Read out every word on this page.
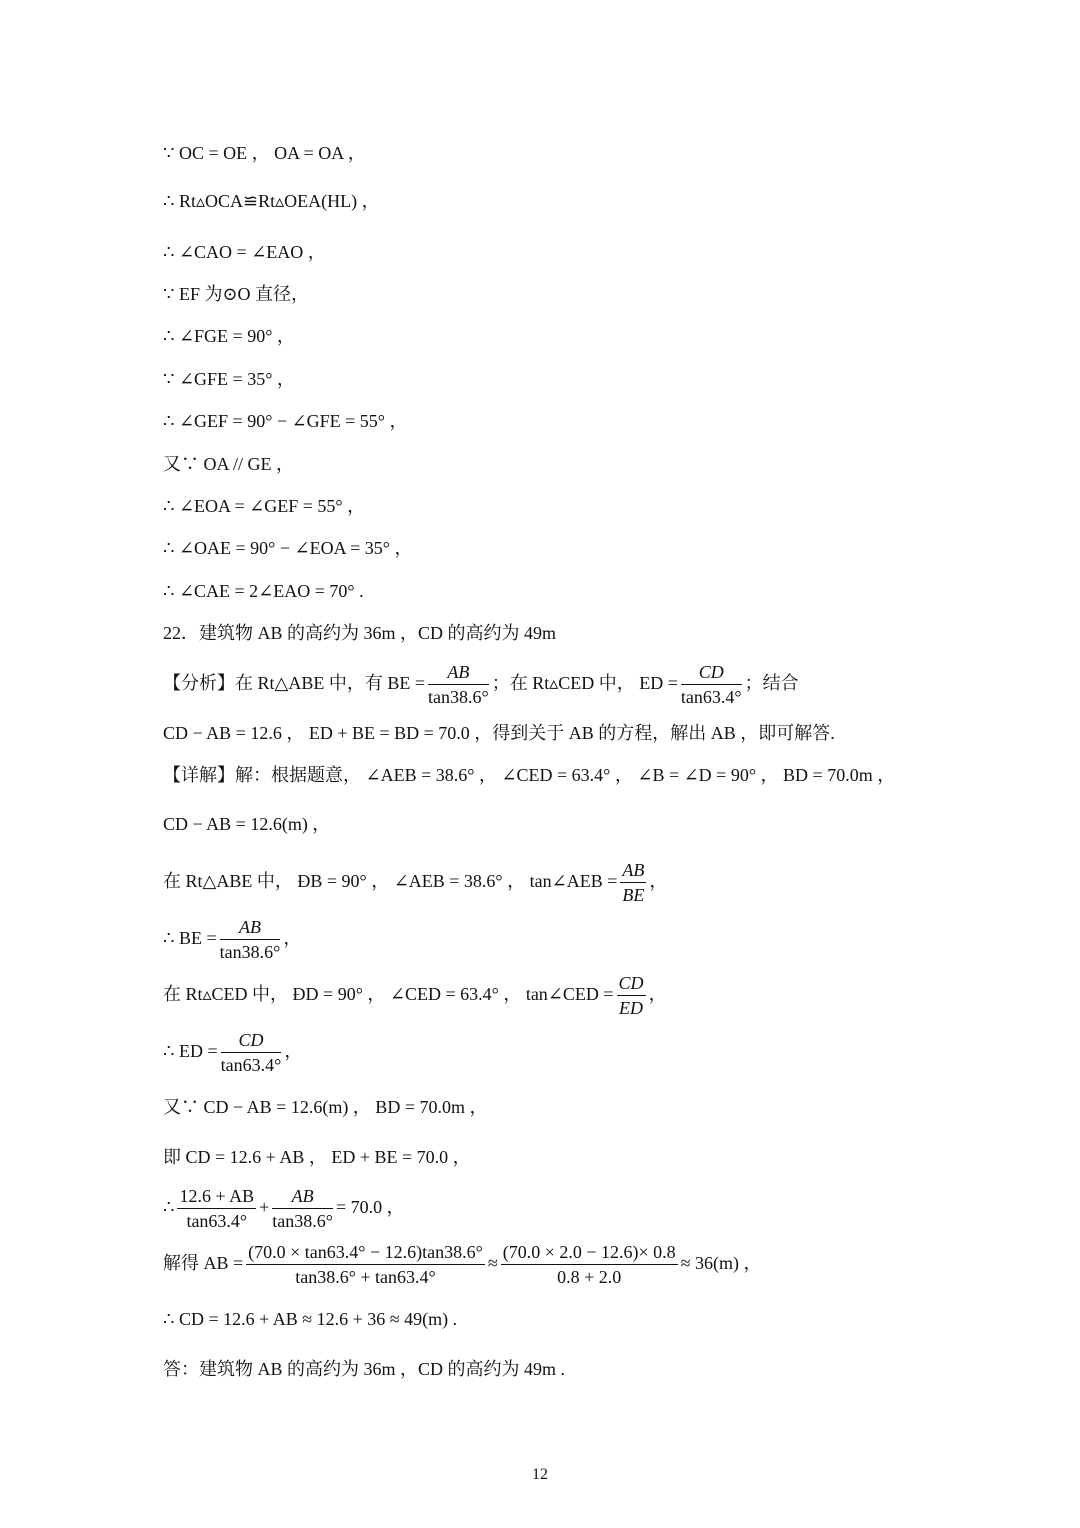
∵ OC = OE ， OA = OA ，
∴ Rt▵OCA≌Rt▵OEA(HL) ，
∴ ∠CAO = ∠EAO ，
∵ EF 为⊙O 直径，
∴ ∠FGE = 90° ，
∵ ∠GFE = 35° ，
∴ ∠GEF = 90° − ∠GFE = 55° ，
又∵ OA // GE ，
∴ ∠EOA = ∠GEF = 55° ，
∴ ∠OAE = 90° − ∠EOA = 35° ，
∴ ∠CAE = 2∠EAO = 70° .
22．建筑物 AB 的高约为 36m ，CD 的高约为 49m
【分析】在 Rt△ABE 中，有 BE = $\frac{AB}{\tan 38.6^\circ}$ ；在 Rt▵CED 中， ED = $\frac{CD}{\tan 63.4^\circ}$ ；结合
CD − AB = 12.6 ， ED + BE = BD = 70.0 ，得到关于 AB 的方程，解出 AB ，即可解答.
【详解】解：根据题意， ∠AEB = 38.6° ， ∠CED = 63.4° ， ∠B = ∠D = 90° ， BD = 70.0m ，
CD − AB = 12.6(m) ，
在 Rt△ABE 中， ÐB = 90° ， ∠AEB = 38.6° ， tan∠AEB = $\frac{AB}{BE}$ ，
∴ BE = $\frac{AB}{\tan 38.6^\circ}$ ，
在 Rt▵CED 中， ÐD = 90° ， ∠CED = 63.4° ， tan∠CED = $\frac{CD}{ED}$ ，
∴ ED = $\frac{CD}{\tan 63.4^\circ}$ ，
又∵ CD − AB = 12.6(m) ， BD = 70.0m ，
即 CD = 12.6 + AB ， ED + BE = 70.0 ，
∴ $\frac{12.6 + AB}{\tan 63.4^\circ} + \frac{AB}{\tan 38.6^\circ} = 70.0$ ，
解得 AB = $\frac{(70.0 \times \tan 63.4^\circ - 12.6)\tan 38.6^\circ}{\tan 38.6^\circ + \tan 63.4^\circ} \approx \frac{(70.0 \times 2.0 - 12.6)\times 0.8}{0.8 + 2.0} \approx 36(m)$ ，
∴ CD = 12.6 + AB ≈ 12.6 + 36 ≈ 49(m) .
答：建筑物 AB 的高约为 36m ，CD 的高约为 49m .
12
